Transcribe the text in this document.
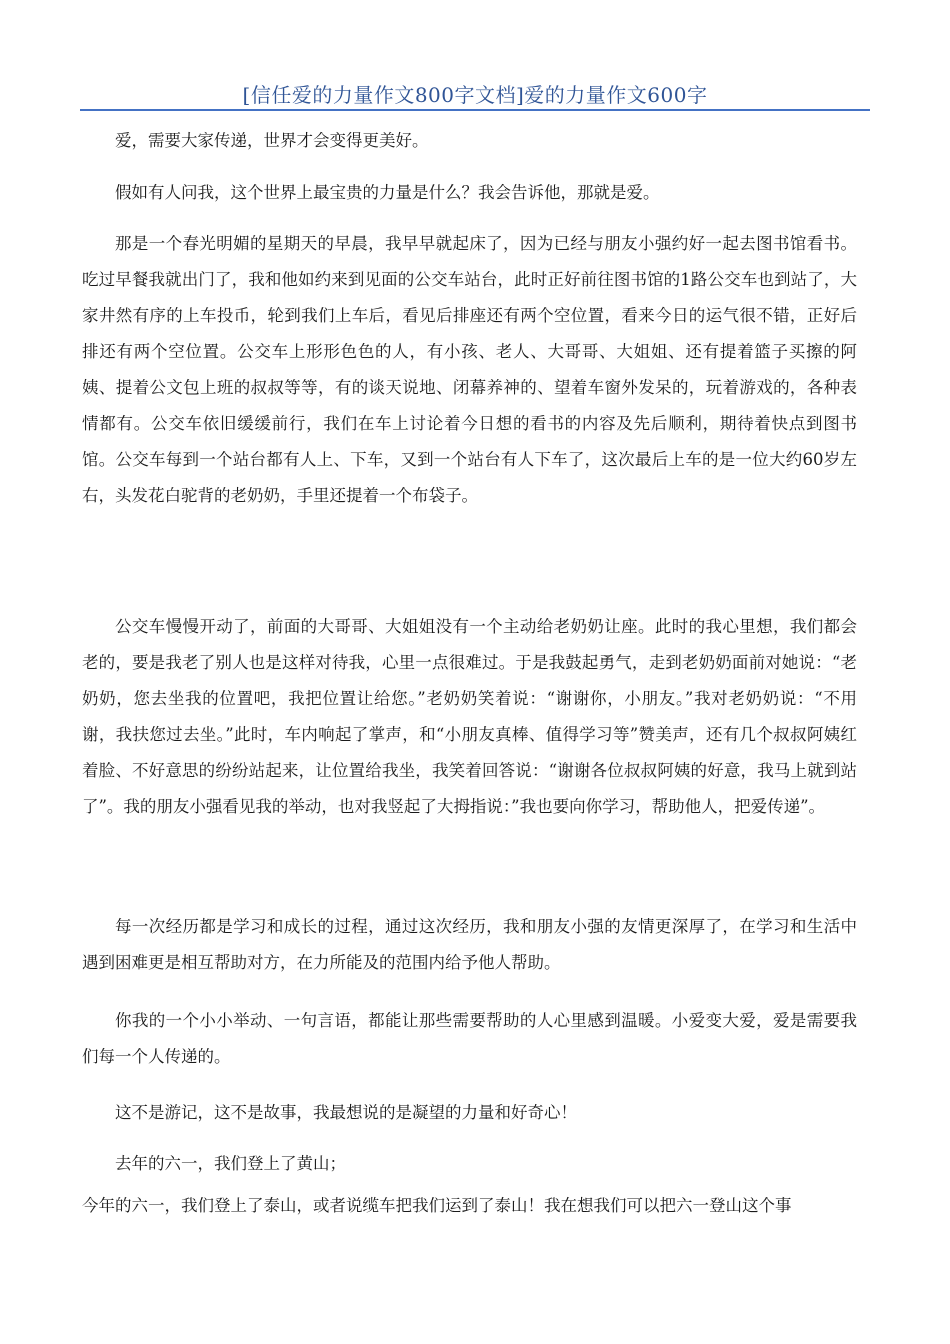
[信任爱的力量作文800字文档]爱的力量作文600字

爱，需要大家传递，世界才会变得更美好。

假如有人问我，这个世界上最宝贵的力量是什么？我会告诉他，那就是爱。

那是一个春光明媚的星期天的早晨，我早早就起床了，因为已经与朋友小强约好一起去图书馆看书。吃过早餐我就出门了，我和他如约来到见面的公交车站台，此时正好前往图书馆的1路公交车也到站了，大家井然有序的上车投币，轮到我们上车后，看见后排座还有两个空位置，看来今日的运气很不错，正好后排还有两个空位置。公交车上形形色色的人，有小孩、老人、大哥哥、大姐姐、还有提着篮子买擦的阿姨、提着公文包上班的叔叔等等，有的谈天说地、闭幕养神的、望着车窗外发呆的，玩着游戏的，各种表情都有。公交车依旧缓缓前行，我们在车上讨论着今日想的看书的内容及先后顺利，期待着快点到图书馆。公交车每到一个站台都有人上、下车，又到一个站台有人下车了，这次最后上车的是一位大约60岁左右，头发花白驼背的老奶奶，手里还提着一个布袋子。

公交车慢慢开动了，前面的大哥哥、大姐姐没有一个主动给老奶奶让座。此时的我心里想，我们都会老的，要是我老了别人也是这样对待我，心里一点很难过。于是我鼓起勇气，走到老奶奶面前对她说：“老奶奶，您去坐我的位置吧，我把位置让给您。”老奶奶笑着说：“谢谢你，小朋友。”我对老奶奶说：“不用谢，我扶您过去坐。”此时，车内响起了掌声，和“小朋友真棒、值得学习等”赞美声，还有几个叔叔阿姨红着脸、不好意思的纷纷站起来，让位置给我坐，我笑着回答说：“谢谢各位叔叔阿姨的好意，我马上就到站了”。我的朋友小强看见我的举动，也对我竖起了大拇指说：”我也要向你学习，帮助他人，把爱传递”。

每一次经历都是学习和成长的过程，通过这次经历，我和朋友小强的友情更深厚了，在学习和生活中遇到困难更是相互帮助对方，在力所能及的范围内给予他人帮助。

你我的一个小小举动、一句言语，都能让那些需要帮助的人心里感到温暖。小爱变大爱，爱是需要我们每一个人传递的。

这不是游记，这不是故事，我最想说的是凝望的力量和好奇心！

去年的六一，我们登上了黄山；

今年的六一，我们登上了泰山，或者说缆车把我们运到了泰山！我在想我们可以把六一登山这个事
